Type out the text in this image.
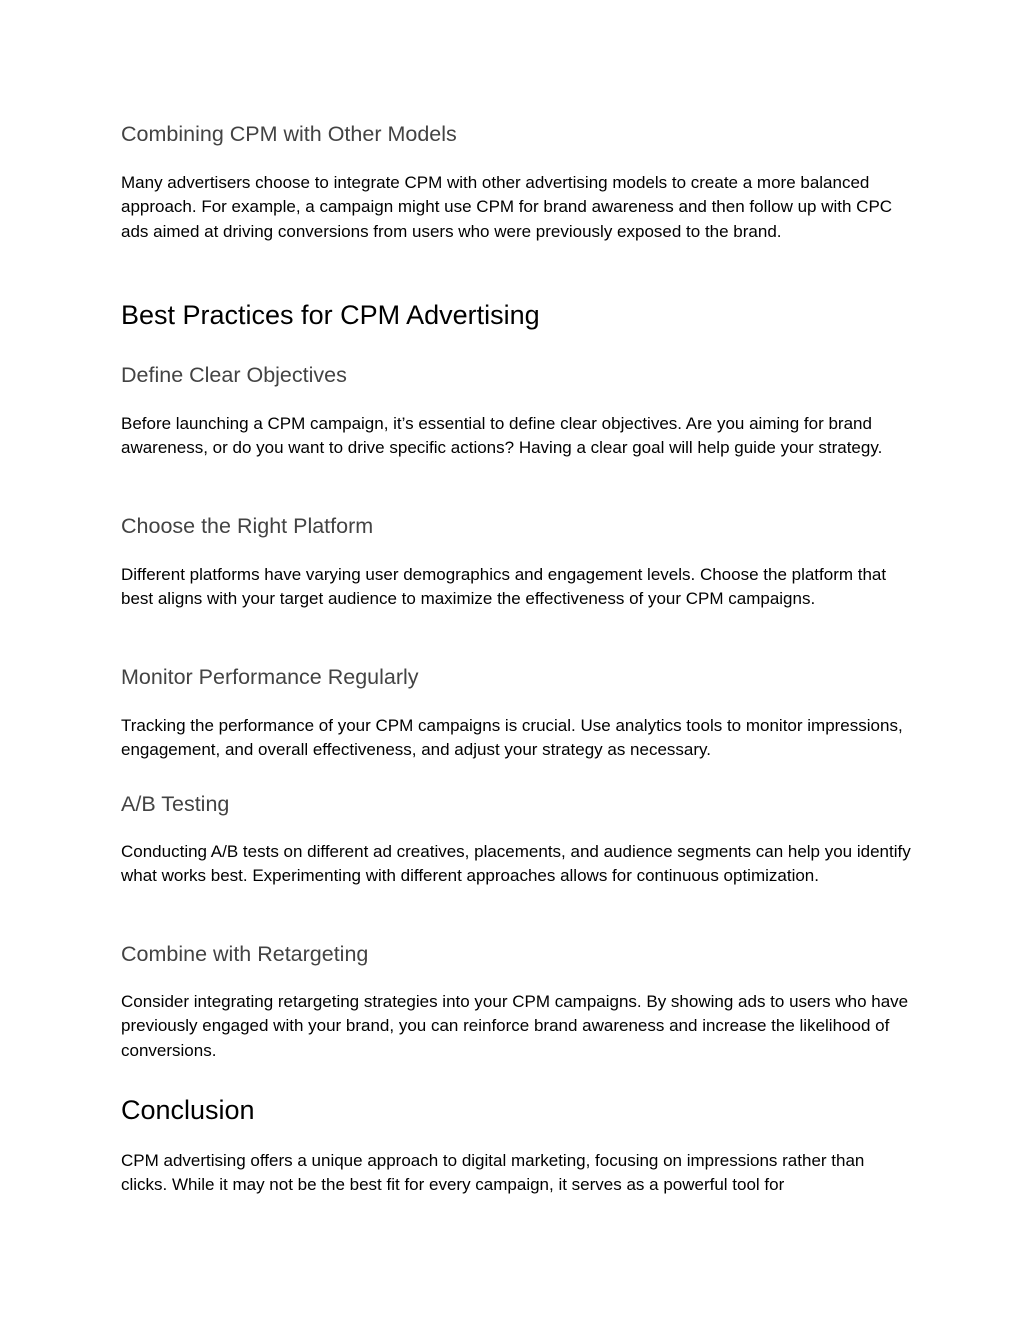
Combining CPM with Other Models

Many advertisers choose to integrate CPM with other advertising models to create a more balanced approach. For example, a campaign might use CPM for brand awareness and then follow up with CPC ads aimed at driving conversions from users who were previously exposed to the brand.

Best Practices for CPM Advertising
Define Clear Objectives

Before launching a CPM campaign, it’s essential to define clear objectives. Are you aiming for brand awareness, or do you want to drive specific actions? Having a clear goal will help guide your strategy.

Choose the Right Platform

Different platforms have varying user demographics and engagement levels. Choose the platform that best aligns with your target audience to maximize the effectiveness of your CPM campaigns.

Monitor Performance Regularly

Tracking the performance of your CPM campaigns is crucial. Use analytics tools to monitor impressions, engagement, and overall effectiveness, and adjust your strategy as necessary.

A/B Testing

Conducting A/B tests on different ad creatives, placements, and audience segments can help you identify what works best. Experimenting with different approaches allows for continuous optimization.

Combine with Retargeting

Consider integrating retargeting strategies into your CPM campaigns. By showing ads to users who have previously engaged with your brand, you can reinforce brand awareness and increase the likelihood of conversions.

Conclusion

CPM advertising offers a unique approach to digital marketing, focusing on impressions rather than clicks. While it may not be the best fit for every campaign, it serves as a powerful tool for
